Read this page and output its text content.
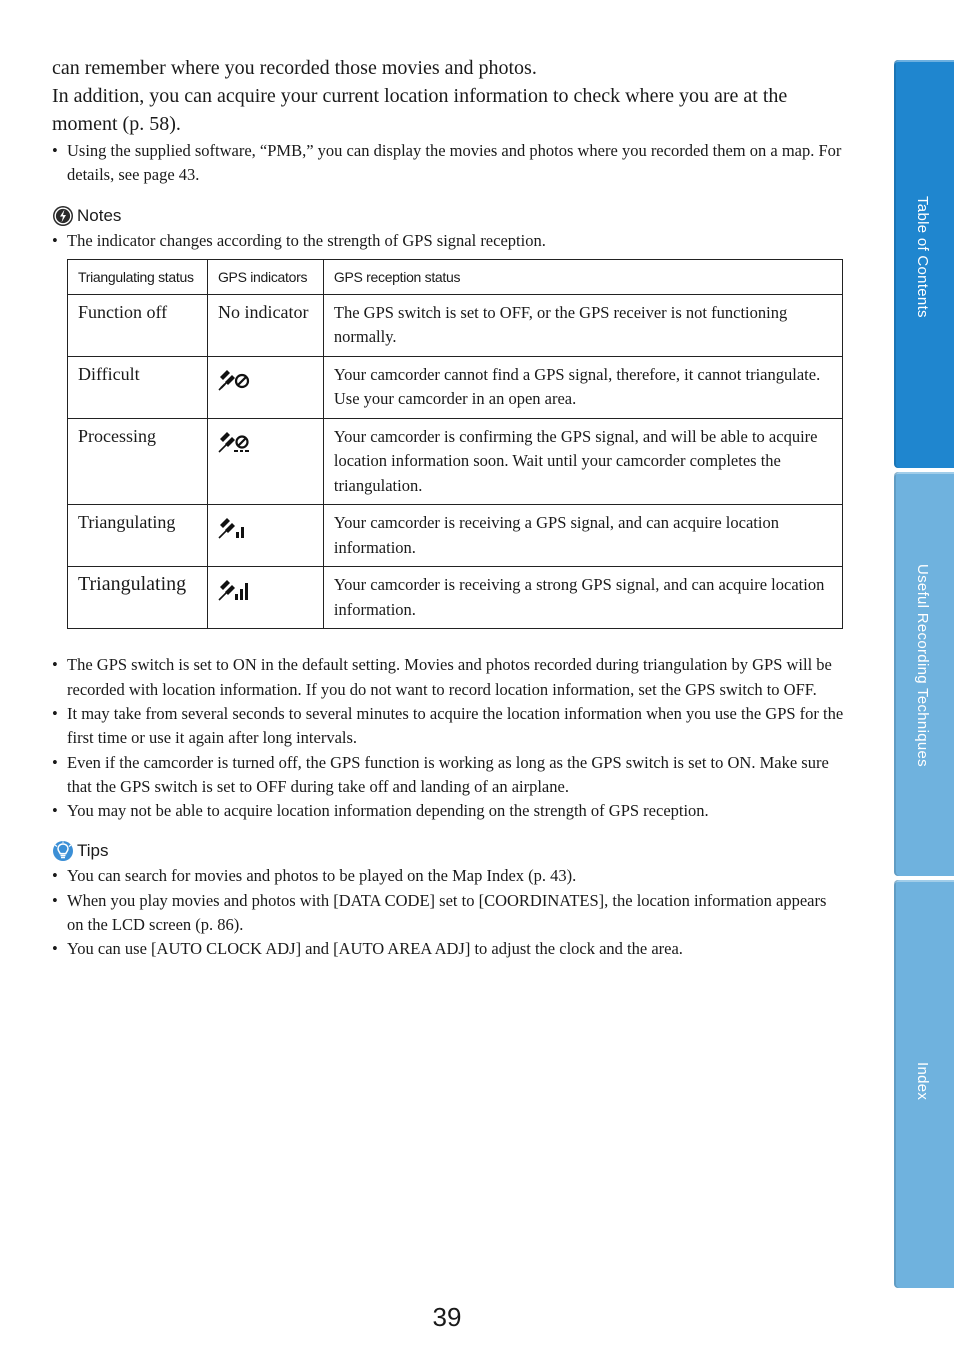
can remember where you recorded those movies and photos.

In addition, you can acquire your current location information to check where you are at the moment (p. 58).

• Using the supplied software, “PMB,” you can display the movies and photos where you recorded them on a map. For details, see page 43.
Notes
• The indicator changes according to the strength of GPS signal reception.
Triangulating status	GPS indicators	GPS reception status
Function off	No indicator	The GPS switch is set to OFF, or the GPS receiver is not functioning normally.
Difficult		Your camcorder cannot find a GPS signal, therefore, it cannot triangulate. Use your camcorder in an open area.
Processing		Your camcorder is confirming the GPS signal, and will be able to acquire location information soon. Wait until your camcorder completes the triangulation.
Triangulating		Your camcorder is receiving a GPS signal, and can acquire location information.
Triangulating		Your camcorder is receiving a strong GPS signal, and can acquire location information.
• The GPS switch is set to ON in the default setting. Movies and photos recorded during triangulation by GPS will be recorded with location information. If you do not want to record location information, set the GPS switch to OFF.
• It may take from several seconds to several minutes to acquire the location information when you use the GPS for the first time or use it again after long intervals.
• Even if the camcorder is turned off, the GPS function is working as long as the GPS switch is set to ON. Make sure that the GPS switch is set to OFF during take off and landing of an airplane.
• You may not be able to acquire location information depending on the strength of GPS reception.
Tips
• You can search for movies and photos to be played on the Map Index (p. 43).
• When you play movies and photos with [DATA CODE] set to [COORDINATES], the location information appears on the LCD screen (p. 86).
• You can use [AUTO CLOCK ADJ] and [AUTO AREA ADJ] to adjust the clock and the area.
Table of Contents
Useful Recording Techniques
Index
39
